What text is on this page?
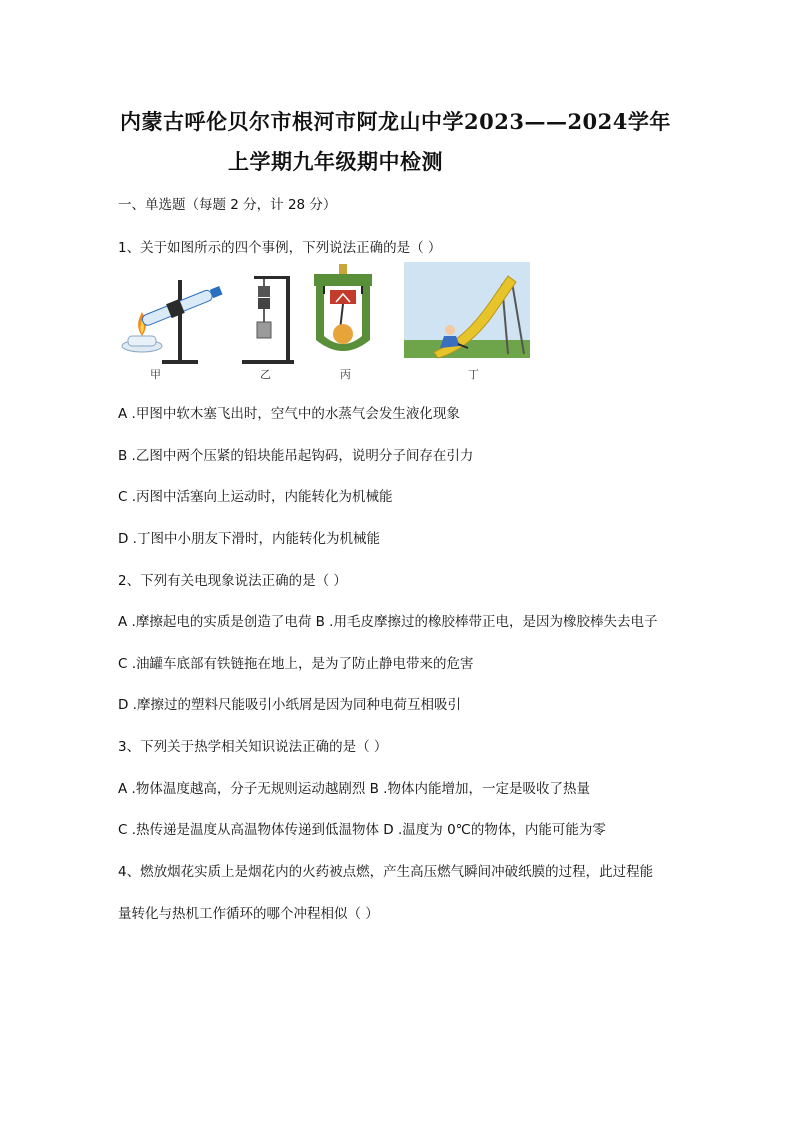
内蒙古呼伦贝尔市根河市阿龙山中学2023——2024学年
上学期九年级期中检测
一、单选题（每题 2 分，计 28 分）
1、关于如图所示的四个事例，下列说法正确的是（ ）
甲	乙	丙	丁
A .甲图中软木塞飞出时，空气中的水蒸气会发生液化现象
B .乙图中两个压紧的铅块能吊起钩码，说明分子间存在引力
C .丙图中活塞向上运动时，内能转化为机械能
D .丁图中小朋友下滑时，内能转化为机械能
2、下列有关电现象说法正确的是（ ）
A .摩擦起电的实质是创造了电荷 B .用毛皮摩擦过的橡胶棒带正电，是因为橡胶棒失去电子
C .油罐车底部有铁链拖在地上，是为了防止静电带来的危害
D .摩擦过的塑料尺能吸引小纸屑是因为同种电荷互相吸引
3、下列关于热学相关知识说法正确的是（ ）
A .物体温度越高，分子无规则运动越剧烈 B .物体内能增加，一定是吸收了热量
C .热传递是温度从高温物体传递到低温物体 D .温度为 0℃的物体，内能可能为零
4、燃放烟花实质上是烟花内的火药被点燃，产生高压燃气瞬间冲破纸膜的过程，此过程能
量转化与热机工作循环的哪个冲程相似（ ）
